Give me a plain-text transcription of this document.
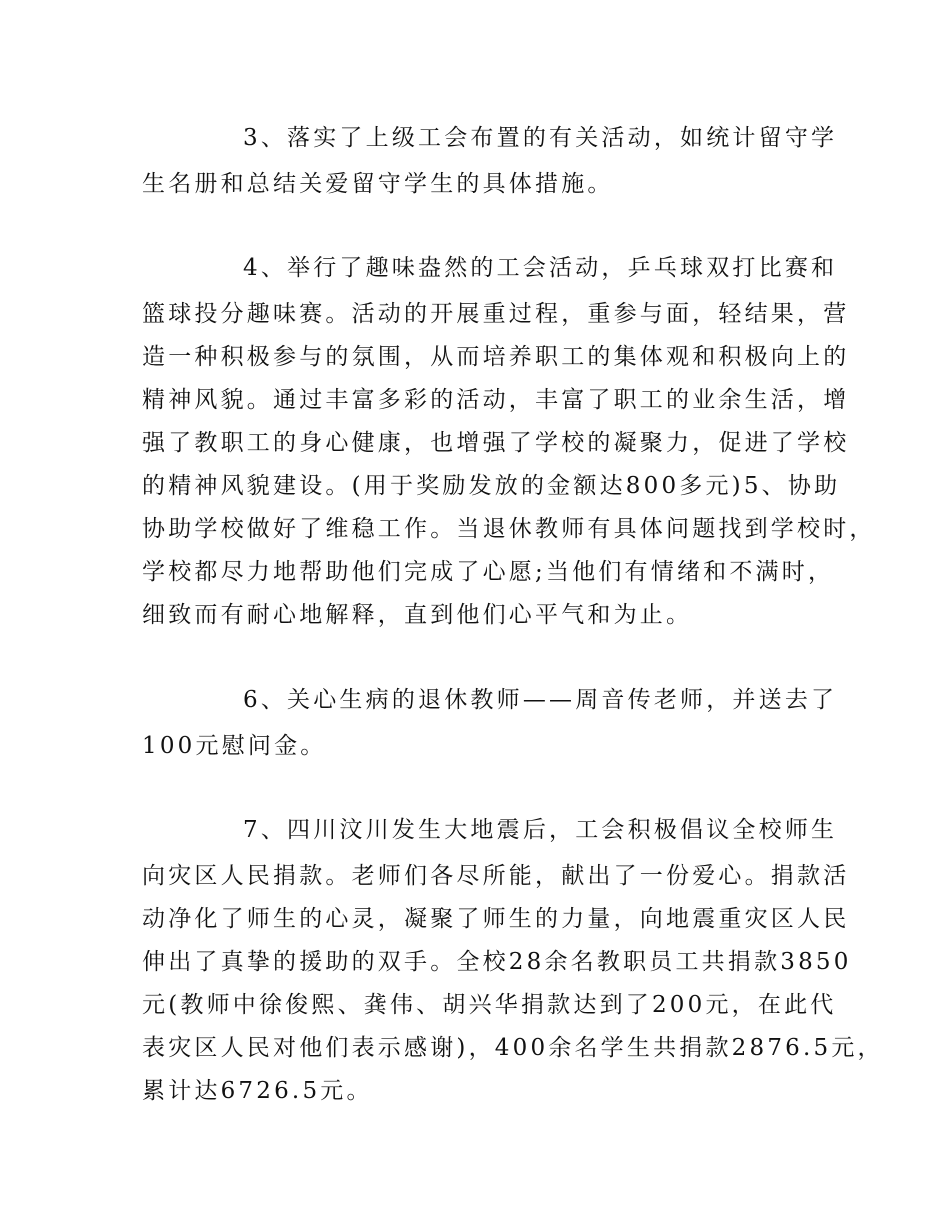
3、落实了上级工会布置的有关活动，如统计留守学
生名册和总结关爱留守学生的具体措施。
4、举行了趣味盎然的工会活动，乒乓球双打比赛和
篮球投分趣味赛。活动的开展重过程，重参与面，轻结果，营
造一种积极参与的氛围，从而培养职工的集体观和积极向上的
精神风貌。通过丰富多彩的活动，丰富了职工的业余生活，增
强了教职工的身心健康，也增强了学校的凝聚力，促进了学校
的精神风貌建设。(用于奖励发放的金额达800多元)5、协助
协助学校做好了维稳工作。当退休教师有具体问题找到学校时，
学校都尽力地帮助他们完成了心愿;当他们有情绪和不满时，
细致而有耐心地解释，直到他们心平气和为止。
6、关心生病的退休教师——周音传老师，并送去了
100元慰问金。
7、四川汶川发生大地震后，工会积极倡议全校师生
向灾区人民捐款。老师们各尽所能，献出了一份爱心。捐款活
动净化了师生的心灵，凝聚了师生的力量，向地震重灾区人民
伸出了真挚的援助的双手。全校28余名教职员工共捐款3850
元(教师中徐俊熙、龚伟、胡兴华捐款达到了200元，在此代
表灾区人民对他们表示感谢)，400余名学生共捐款2876.5元，
累计达6726.5元。
